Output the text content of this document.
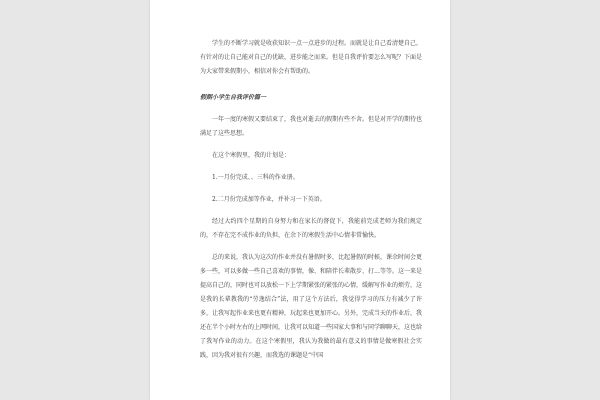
学生的不断学习就是收获知识一点一点进步的过程。而就是让自己看清楚自己，有针对的让自己能对自己的优缺，进步能之而来。但是自我评价要怎么写呢？下面是为大家带来假期小，相信对你会有帮助的。

假期小学生自我评价篇一

一年一度的寒假又要结束了，我也对逝去的假期有些不舍。但是对开学的期待也满足了这些思想。

在这个寒假里，我的计划是：

1.一月份完成、、三科的作业册。

2.二月份完成加等作业，并补习一下英语。

经过大约四个星期的自身努力和在家长的督促下，我能前完成老师为我们规定的，不存在完不成作业的负担，在余下的寒假生活中心情非常愉快。

总的来说，我认为这次的作业并没有暑假时多，比起暑假的时候，课余时间会更多一些，可以多做一些自己喜欢的事情，像、和陪伴长辈散步、打…等等。这一来是提高自己的，同时也可以放松一下上学期紧张的紧张的心情，缓解写作业的烦劳，这是我的长辈教我的“劳逸结合”法，用了这个方法后，我觉得学习的压力有减少了许多，让我写起作业来也更有精神，玩起来也更加开心。另外，完成当天的作业后，我还在半个小时左右的上网时间，让我可以知道一些国家大事和与同学聊聊天，这也给了我写作业的动力。在这个寒假里，我认为我做的最有意义的事情是做寒假社会实践，因为我对很有兴趣，而我选的课题是“中国
